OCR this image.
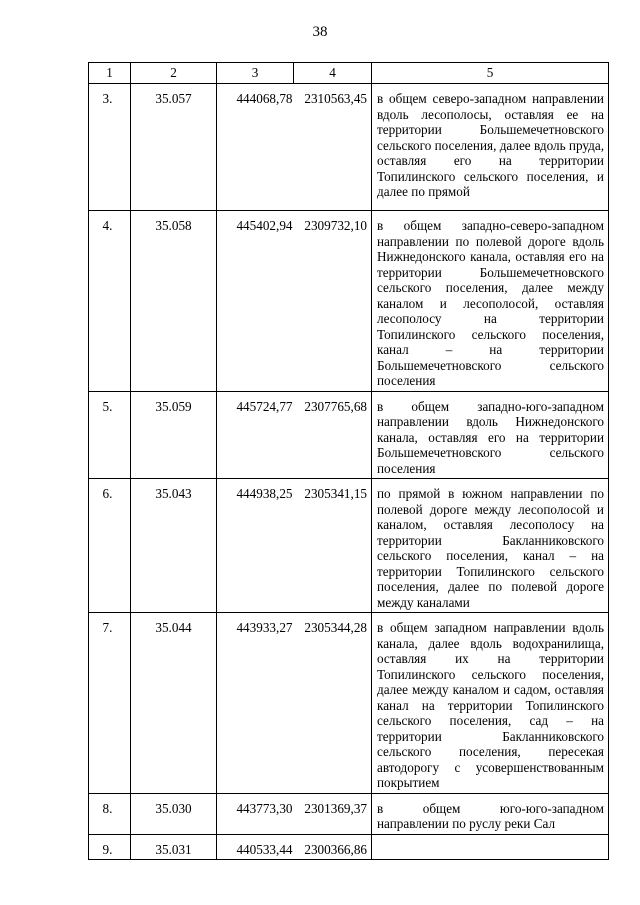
38
1	2	3	4	5
3.	35.057	444068,78	2310563,45	в общем северо-западном направлении вдоль лесополосы, оставляя ее на территории Большемечетновского сельского поселения, далее вдоль пруда, оставляя его на территории Топилинского сельского поселения, и далее по прямой

4.	35.058	445402,94	2309732,10	в общем западно-северо-западном направлении по полевой дороге вдоль Нижнедонского канала, оставляя его на территории Большемечетновского сельского поселения, далее между каналом и лесополосой, оставляя лесополосу на территории Топилинского сельского поселения, канал – на территории Большемечетновского сельского поселения

5.	35.059	445724,77	2307765,68	в общем западно-юго-западном направлении вдоль Нижнедонского канала, оставляя его на территории Большемечетновского сельского поселения

6.	35.043	444938,25	2305341,15	по прямой в южном направлении по полевой дороге между лесополосой и каналом, оставляя лесополосу на территории Бакланниковского сельского поселения, канал – на территории Топилинского сельского поселения, далее по полевой дороге между каналами

7.	35.044	443933,27	2305344,28	в общем западном направлении вдоль канала, далее вдоль водохранилища, оставляя их на территории Топилинского сельского поселения, далее между каналом и садом, оставляя канал на территории Топилинского сельского поселения, сад – на территории Бакланниковского сельского поселения, пересекая автодорогу с усовершенствованным покрытием

8.	35.030	443773,30	2301369,37	в общем юго-юго-западном направлении по руслу реки Сал

9.	35.031	440533,44	2300366,86	
